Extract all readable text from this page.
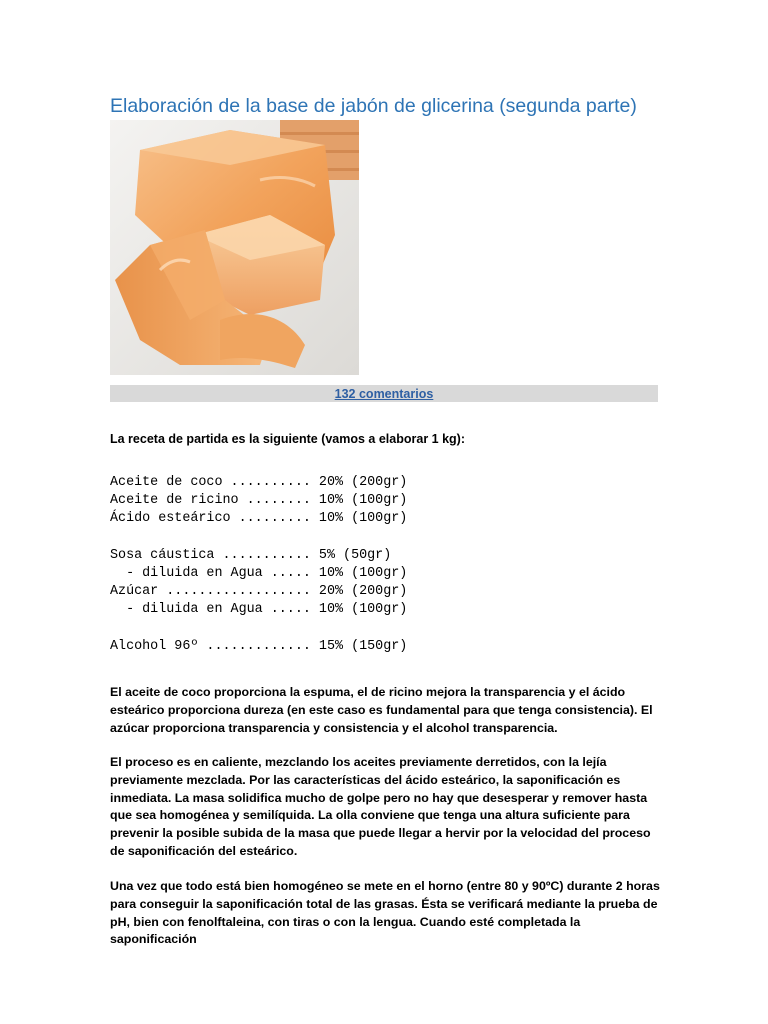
Elaboración de la base de jabón de glicerina (segunda parte)
132 comentarios

La receta de partida es la siguiente (vamos a elaborar 1 kg):

Aceite de coco .......... 20% (200gr)
Aceite de ricino ........ 10% (100gr)
Ácido esteárico ......... 10% (100gr)
Sosa cáustica ........... 5% (50gr)
- diluida en Agua ..... 10% (100gr)
Azúcar .................. 20% (200gr)
- diluida en Agua ..... 10% (100gr)
Alcohol 96º ............. 15% (150gr)

El aceite de coco proporciona la espuma, el de ricino mejora la transparencia y el ácido esteárico proporciona dureza (en este caso es fundamental para que tenga consistencia). El azúcar proporciona transparencia y consistencia y el alcohol transparencia.

El proceso es en caliente, mezclando los aceites previamente derretidos, con la lejía previamente mezclada. Por las características del ácido esteárico, la saponificación es inmediata. La masa solidifica mucho de golpe pero no hay que desesperar y remover hasta que sea homogénea y semilíquida. La olla conviene que tenga una altura suficiente para prevenir la posible subida de la masa que puede llegar a hervir por la velocidad del proceso de saponificación del esteárico.

Una vez que todo está bien homogéneo se mete en el horno (entre 80 y 90ºC) durante 2 horas para conseguir la saponificación total de las grasas. Ésta se verificará mediante la prueba de pH, bien con fenolftaleina, con tiras o con la lengua. Cuando esté completada la saponificación
